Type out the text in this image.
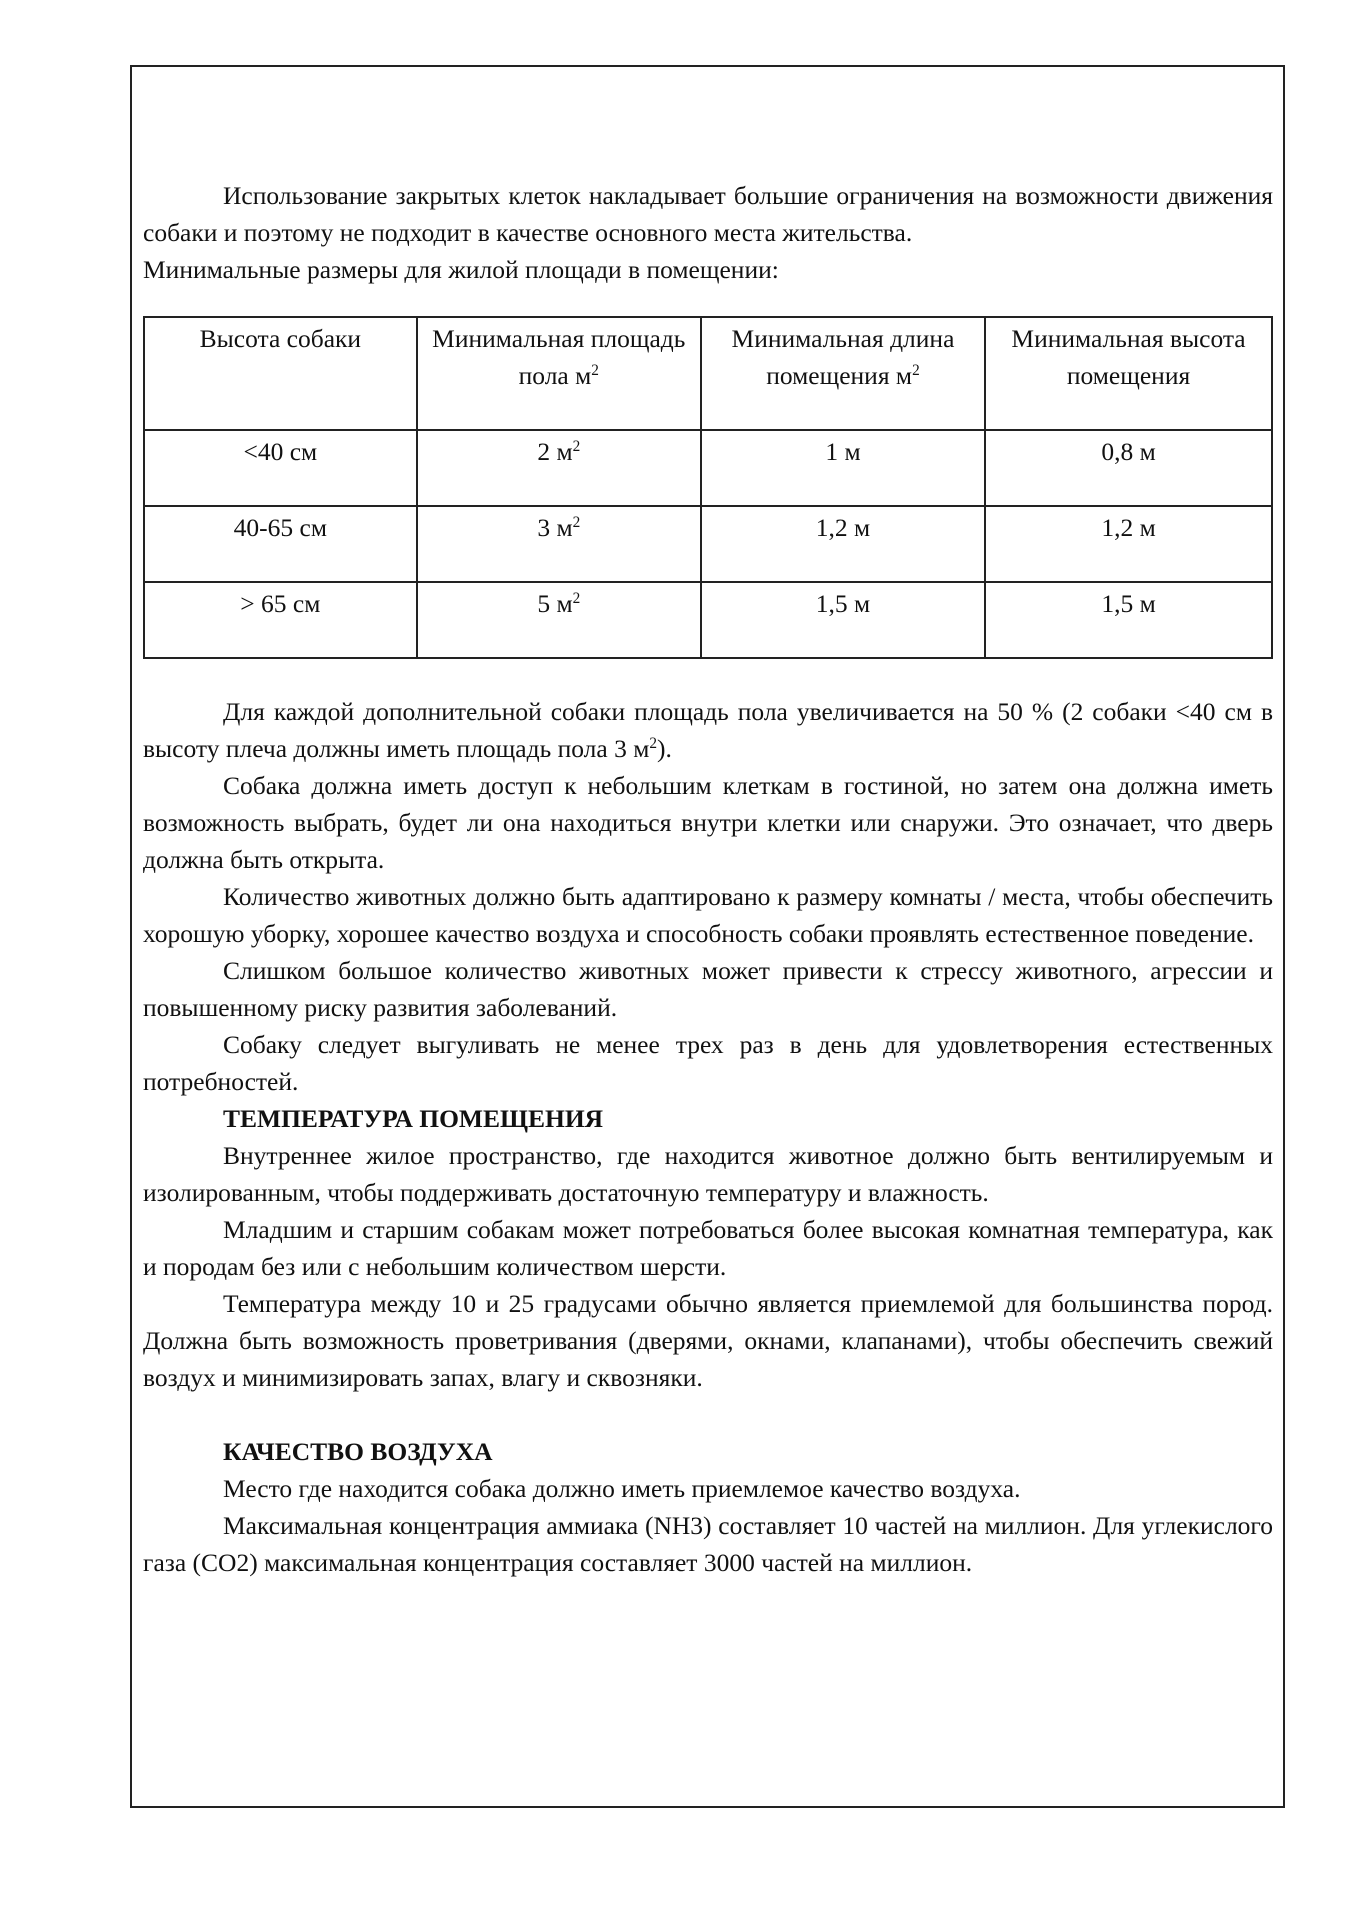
Использование закрытых клеток накладывает большие ограничения на возможности движения собаки и поэтому не подходит в качестве основного места жительства.

Минимальные размеры для жилой площади в помещении:

Высота собаки	Минимальная площадь пола $м^2$	Минимальная длина помещения $м^2$	Минимальная высота помещения
<40 см	2 $м^2$	1 м	0,8 м
40-65 см	3 $м^2$	1,2 м	1,2 м
> 65 см	5 $м^2$	1,5 м	1,5 м

Для каждой дополнительной собаки площадь пола увеличивается на 50 % (2 собаки <40 см в высоту плеча должны иметь площадь пола 3 $м^2$).

Собака должна иметь доступ к небольшим клеткам в гостиной, но затем она должна иметь возможность выбрать, будет ли она находиться внутри клетки или снаружи. Это означает, что дверь должна быть открыта.

Количество животных должно быть адаптировано к размеру комнаты / места, чтобы обеспечить хорошую уборку, хорошее качество воздуха и способность собаки проявлять естественное поведение.

Слишком большое количество животных может привести к стрессу животного, агрессии и повышенному риску развития заболеваний.

Собаку следует выгуливать не менее трех раз в день для удовлетворения естественных потребностей.

ТЕМПЕРАТУРА ПОМЕЩЕНИЯ

Внутреннее жилое пространство, где находится животное должно быть вентилируемым и изолированным, чтобы поддерживать достаточную температуру и влажность.

Младшим и старшим собакам может потребоваться более высокая комнатная температура, как и породам без или с небольшим количеством шерсти.

Температура между 10 и 25 градусами обычно является приемлемой для большинства пород. Должна быть возможность проветривания (дверями, окнами, клапанами), чтобы обеспечить свежий воздух и минимизировать запах, влагу и сквозняки.

КАЧЕСТВО ВОЗДУХА

Место где находится собака должно иметь приемлемое качество воздуха.

Максимальная концентрация аммиака (NH3) составляет 10 частей на миллион. Для углекислого газа (CO2) максимальная концентрация составляет 3000 частей на миллион.
